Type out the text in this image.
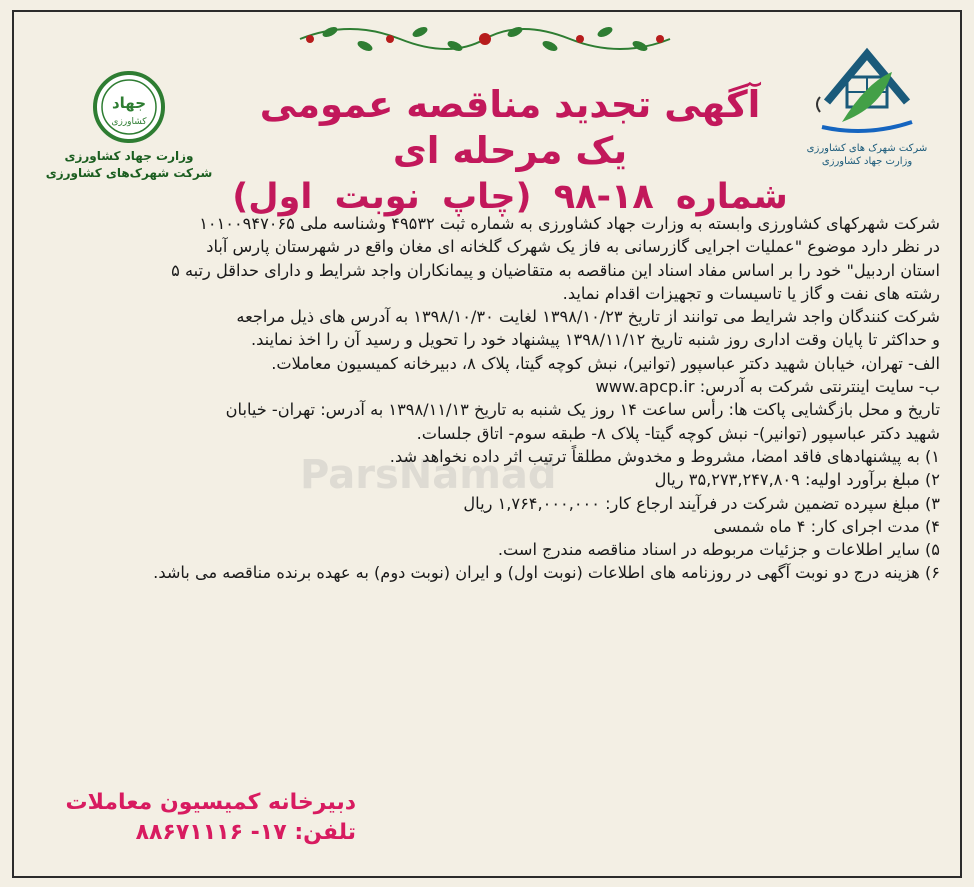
شرکت شهرک های کشاورزی
وزارت جهاد کشاورزی
جهاد
کشاورزی
وزارت جهاد کشاورزی
شرکت شهرک‌های کشاورزی
آگهی تجدید مناقصه عمومی یک مرحله ای
شماره ۱۸-۹۸ (چاپ نوبت اول)
ParsNamad

شرکت شهرکهای کشاورزی وابسته به وزارت جهاد کشاورزی به شماره ثبت ۴۹۵۳۲ وشناسه ملی ۱۰۱۰۰۹۴۷۰۶۵

در نظر دارد موضوع "عملیات اجرایی گازرسانی به فاز یک شهرک گلخانه ای مغان واقع در شهرستان پارس آباد

استان اردبیل" خود را بر اساس مفاد اسناد این مناقصه به متقاضیان و پیمانکاران واجد شرایط و دارای حداقل رتبه ۵

رشته های نفت و گاز یا تاسیسات و تجهیزات اقدام نماید.

شرکت کنندگان واجد شرایط می توانند از تاریخ ۱۳۹۸/۱۰/۲۳ لغایت ۱۳۹۸/۱۰/۳۰ به آدرس های ذیل مراجعه

و حداکثر تا پایان وقت اداری روز شنبه تاریخ ۱۳۹۸/۱۱/۱۲ پیشنهاد خود را تحویل و رسید آن را اخذ نمایند.

الف- تهران، خیابان شهید دکتر عباسپور (توانیر)، نبش کوچه گیتا، پلاک ۸، دبیرخانه کمیسیون معاملات.

ب- سایت اینترنتی شرکت به آدرس: www.apcp.ir

تاریخ و محل بازگشایی پاکت ها: رأس ساعت ۱۴ روز یک شنبه به تاریخ ۱۳۹۸/۱۱/۱۳ به آدرس: تهران- خیابان

شهید دکتر عباسپور (توانیر)- نبش کوچه گیتا- پلاک ۸- طبقه سوم- اتاق جلسات.

۱) به پیشنهادهای فاقد امضا، مشروط و مخدوش مطلقاً ترتیب اثر داده نخواهد شد.

۲) مبلغ برآورد اولیه: ۳۵,۲۷۳,۲۴۷,۸۰۹ ریال

۳) مبلغ سپرده تضمین شرکت در فرآیند ارجاع کار: ۱,۷۶۴,۰۰۰,۰۰۰ ریال

۴) مدت اجرای کار: ۴ ماه شمسی

۵) سایر اطلاعات و جزئیات مربوطه در اسناد مناقصه مندرج است.

۶) هزینه درج دو نوبت آگهی در روزنامه های اطلاعات (نوبت اول) و ایران (نوبت دوم) به عهده برنده مناقصه می باشد.

دبیرخانه کمیسیون معاملات
تلفن: ۱۷- ۸۸۶۷۱۱۱۶
